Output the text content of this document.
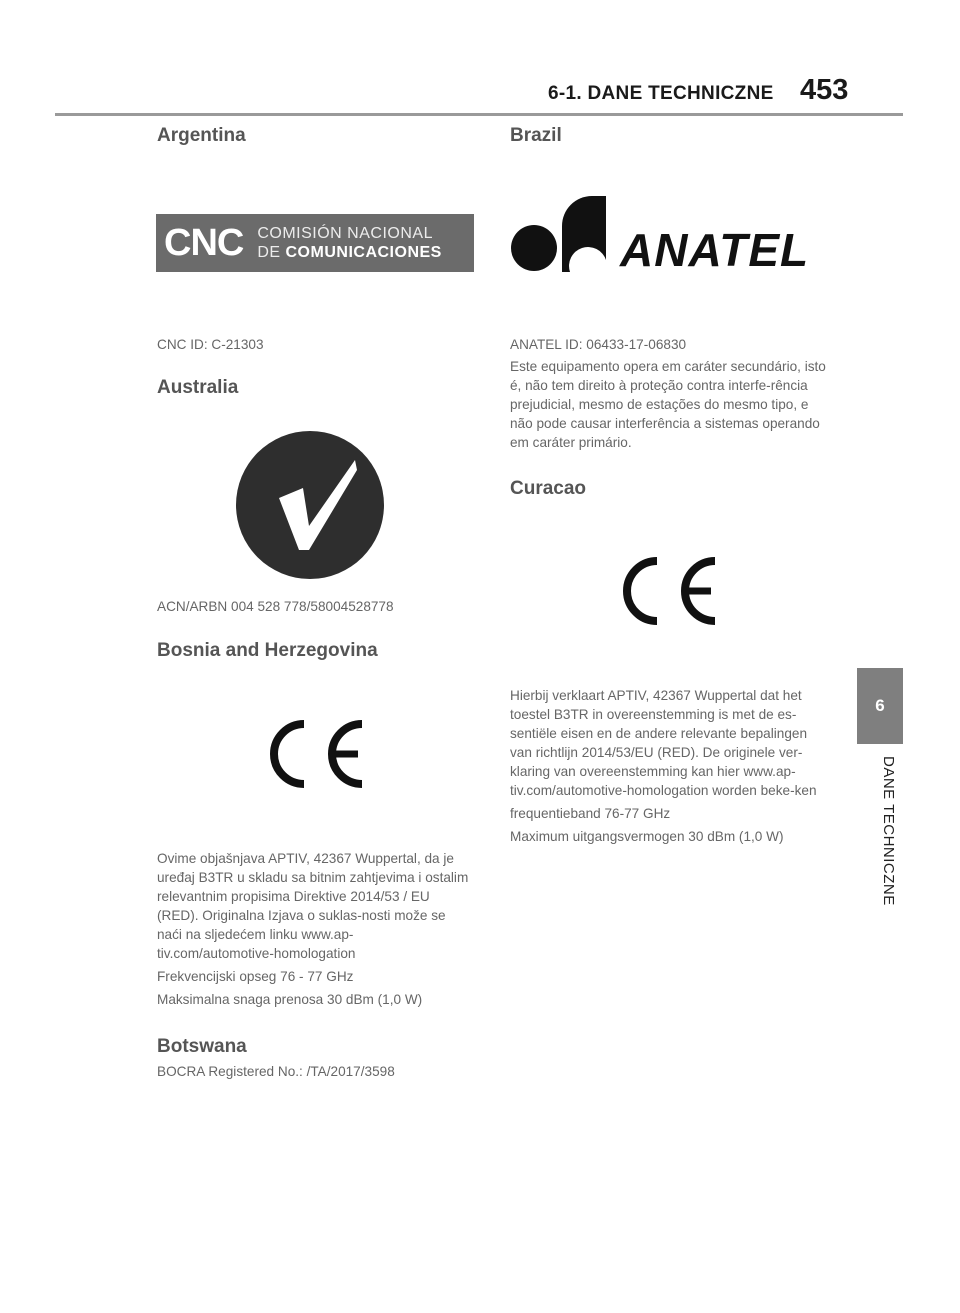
6-1. DANE TECHNICZNE 453
6
DANE TECHNICZNE
Argentina
CNC COMISIÓN NACIONAL
DE COMUNICACIONES
CNC ID: C-21303
Australia
ACN/ARBN 004 528 778/58004528778
Bosnia and Herzegovina

Ovime objašnjava APTIV, 42367 Wuppertal, da je uređaj B3TR u skladu sa bitnim zahtjevima i ostalim relevantnim propisima Direktive 2014/53 / EU (RED). Originalna Izjava o suklas-nosti može se naći na sljedećem linku www.ap-tiv.com/automotive-homologation

Frekvencijski opseg 76 - 77 GHz

Maksimalna snaga prenosa 30 dBm (1,0 W)

Botswana
BOCRA Registered No.: /TA/2017/3598
Brazil
ANATEL

ANATEL ID: 06433-17-06830

Este equipamento opera em caráter secundário, isto é, não tem direito à proteção contra interfe-rência prejudicial, mesmo de estações do mesmo tipo, e não pode causar interferência a sistemas operando em caráter primário.

Curacao

Hierbij verklaart APTIV, 42367 Wuppertal dat het toestel B3TR in overeenstemming is met de es-sentiële eisen en de andere relevante bepalingen van richtlijn 2014/53/EU (RED). De originele ver-klaring van overeenstemming kan hier www.ap-tiv.com/automotive-homologation worden beke-ken

frequentieband 76-77 GHz

Maximum uitgangsvermogen 30 dBm (1,0 W)
